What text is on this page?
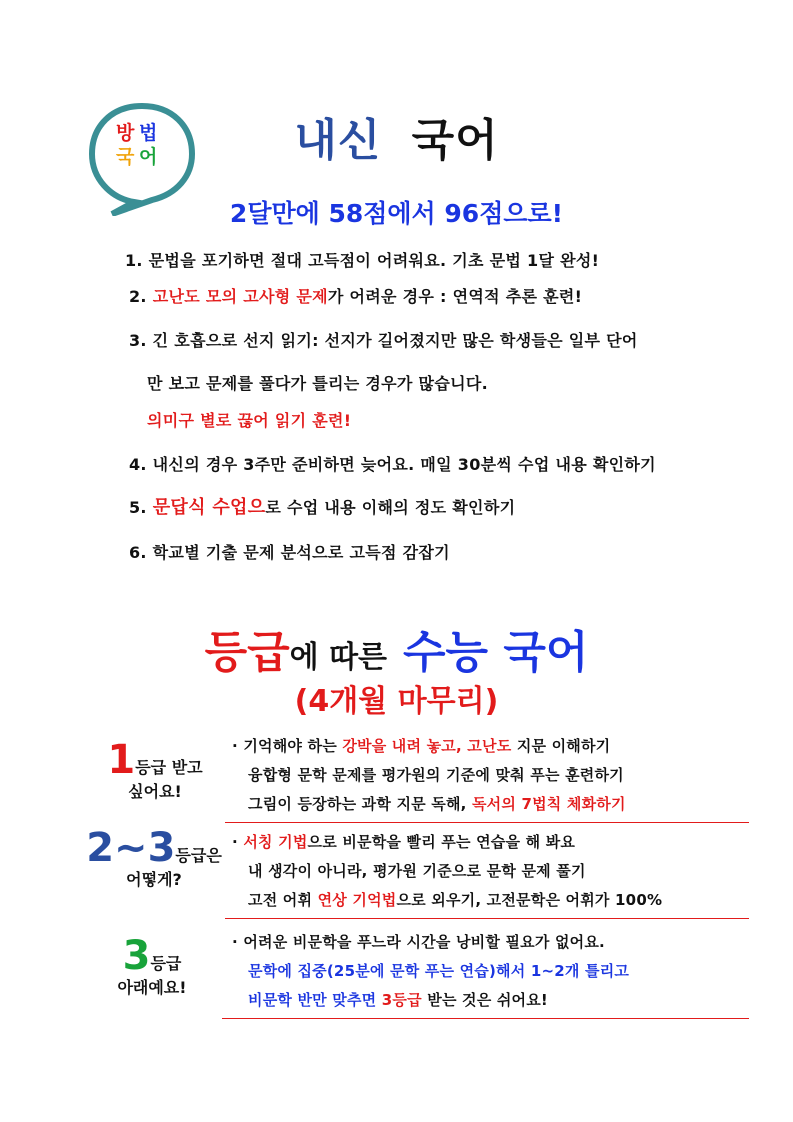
방 법
국 어	내신 국어
2달만에 58점에서 96점으로!
1. 문법을 포기하면 절대 고득점이 어려워요. 기초 문법 1달 완성!
2. 고난도 모의 고사형 문제가 어려운 경우 : 연역적 추론 훈련!
3. 긴 호흡으로 선지 읽기: 선지가 길어졌지만 많은 학생들은 일부 단어
만 보고 문제를 풀다가 틀리는 경우가 많습니다.
의미구 별로 끊어 읽기 훈련!
4. 내신의 경우 3주만 준비하면 늦어요. 매일 30분씩 수업 내용 확인하기
5. 문답식 수업으로 수업 내용 이해의 정도 확인하기
6. 학교별 기출 문제 분석으로 고득점 감잡기
등급에 따른 수능 국어
(4개월 마무리)
1등급 받고
싶어요!
· 기억해야 하는 강박을 내려 놓고, 고난도 지문 이해하기
융합형 문학 문제를 평가원의 기준에 맞춰 푸는 훈련하기
그림이 등장하는 과학 지문 독해, 독서의 7법칙 체화하기
2~3등급은
어떻게?
· 서칭 기법으로 비문학을 빨리 푸는 연습을 해 봐요
내 생각이 아니라, 평가원 기준으로 문학 문제 풀기
고전 어휘 연상 기억법으로 외우기, 고전문학은 어휘가 100%
3등급
아래예요!
· 어려운 비문학을 푸느라 시간을 낭비할 필요가 없어요.
문학에 집중(25분에 문학 푸는 연습)해서 1~2개 틀리고
비문학 반만 맞추면 3등급 받는 것은 쉬어요!
